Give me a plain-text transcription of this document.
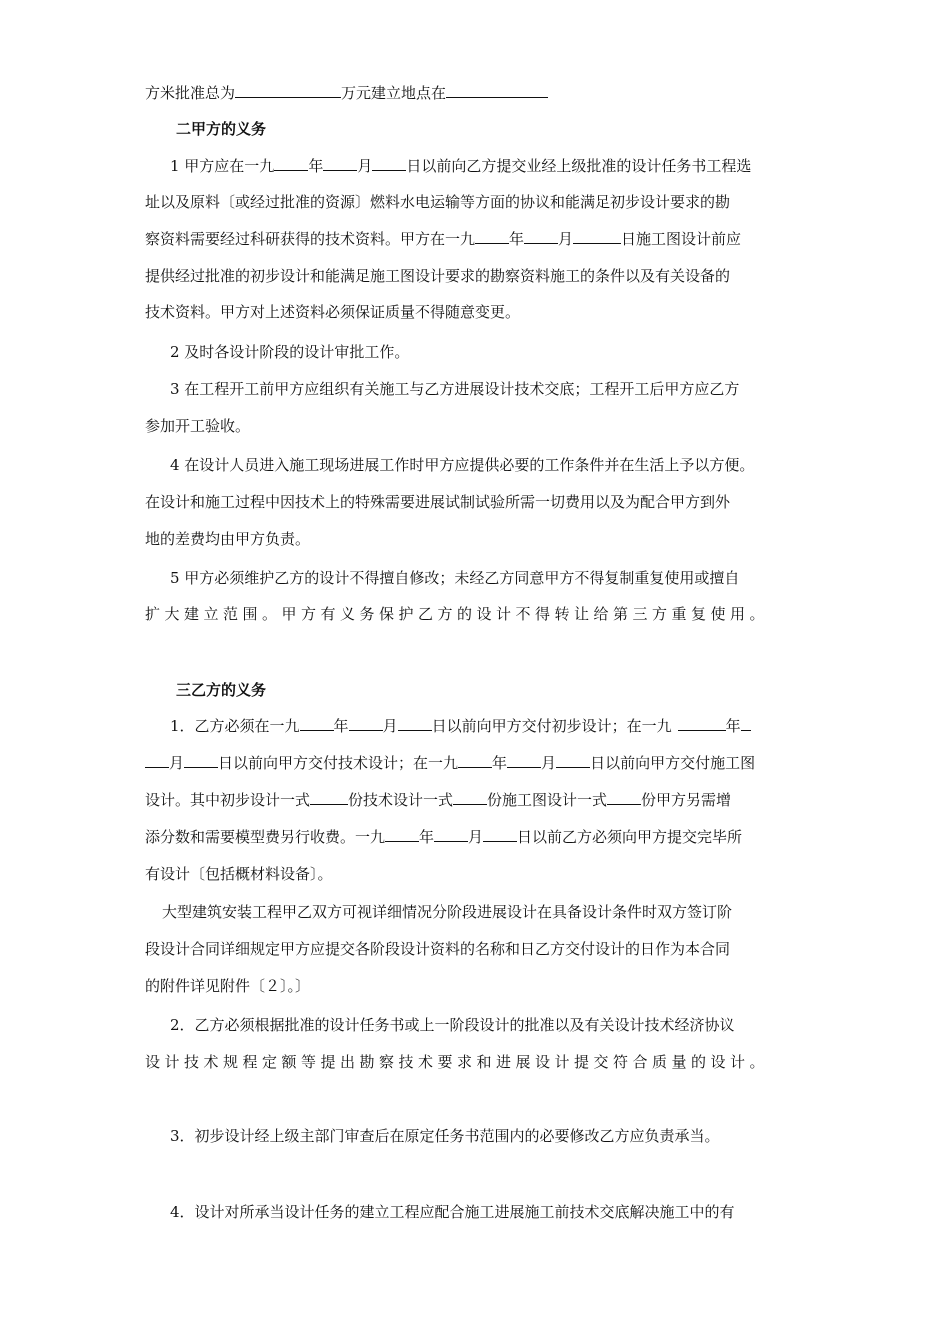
方米批准总为	万元建立地点在
二甲方的义务
1 甲方应在一九 年 月 日以前向乙方提交业经上级批准的设计任务书工程选
址以及原料〔或经过批准的资源〕燃料水电运输等方面的协议和能满足初步设计要求的勘
察资料需要经过科研获得的技术资料。甲方在一九 年 月	日施工图设计前应
提供经过批准的初步设计和能满足施工图设计要求的勘察资料施工的条件以及有关设备的
技术资料。甲方对上述资料必须保证质量不得随意变更。
2 及时各设计阶段的设计审批工作。
3 在工程开工前甲方应组织有关施工与乙方进展设计技术交底；工程开工后甲方应乙方
参加开工验收。
4 在设计人员进入施工现场进展工作时甲方应提供必要的工作条件并在生活上予以方便。
在设计和施工过程中因技术上的特殊需要进展试制试验所需一切费用以及为配合甲方到外
地的差费均由甲方负责。
5 甲方必须维护乙方的设计不得擅自修改；未经乙方同意甲方不得复制重复使用或擅自
扩大建立范围。甲方有义务保护乙方的设计不得转让给第三方重复使用。
三乙方的义务
1．乙方必须在一九 年 月 日以前向甲方交付初步设计；在一九	年
月 日以前向甲方交付技术设计；在一九 年 月 日以前向甲方交付施工图
设计。其中初步设计一式	份技术设计一式 份施工图设计一式 份甲方另需增
添分数和需要模型费另行收费。一九 年 月 日以前乙方必须向甲方提交完毕所
有设计〔包括概材料设备〕。
大型建筑安装工程甲乙双方可视详细情况分阶段进展设计在具备设计条件时双方签订阶
段设计合同详细规定甲方应提交各阶段设计资料的名称和日乙方交付设计的日作为本合同
的附件详见附件〔２〕。〕
2．乙方必须根据批准的设计任务书或上一阶段设计的批准以及有关设计技术经济协议
设计技术规程定额等提出勘察技术要求和进展设计提交符合质量的设计。
3．初步设计经上级主部门审查后在原定任务书范围内的必要修改乙方应负责承当。
4．设计对所承当设计任务的建立工程应配合施工进展施工前技术交底解决施工中的有
